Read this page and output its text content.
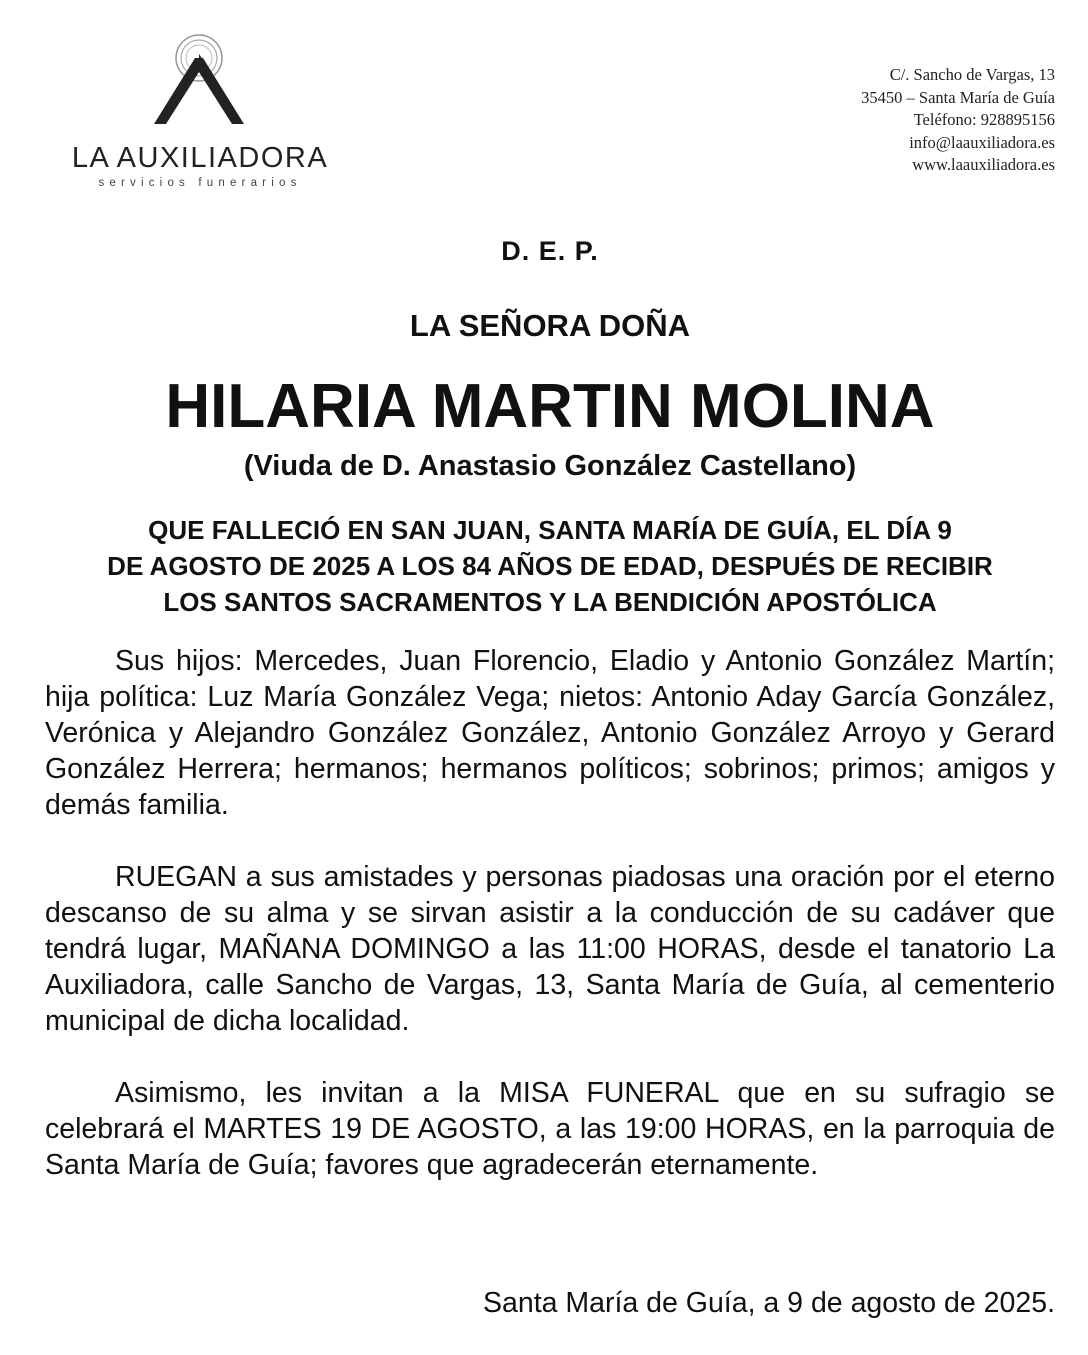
LA AUXILIADORA
servicios funerarios
C/. Sancho de Vargas, 13
35450 – Santa María de Guía
Teléfono: 928895156
info@laauxiliadora.es
www.laauxiliadora.es
D. E. P.
LA SEÑORA DOÑA
HILARIA MARTIN MOLINA
(Viuda de D. Anastasio González Castellano)
QUE FALLECIÓ EN SAN JUAN, SANTA MARÍA DE GUÍA, EL DÍA 9
DE AGOSTO DE 2025 A LOS 84 AÑOS DE EDAD, DESPUÉS DE RECIBIR
LOS SANTOS SACRAMENTOS Y LA BENDICIÓN APOSTÓLICA
Sus hijos: Mercedes, Juan Florencio, Eladio y Antonio González Martín; hija política: Luz María González Vega; nietos: Antonio Aday García González, Verónica y Alejandro González González, Antonio González Arroyo y Gerard González Herrera; hermanos; hermanos políticos; sobrinos; primos; amigos y demás familia.
RUEGAN a sus amistades y personas piadosas una oración por el eterno descanso de su alma y se sirvan asistir a la conducción de su cadáver que tendrá lugar, MAÑANA DOMINGO a las 11:00 HORAS, desde el tanatorio La Auxiliadora, calle Sancho de Vargas, 13, Santa María de Guía, al cementerio municipal de dicha localidad.
Asimismo, les invitan a la MISA FUNERAL que en su sufragio se celebrará el MARTES 19 DE AGOSTO, a las 19:00 HORAS, en la parroquia de Santa María de Guía; favores que agradecerán eternamente.
Santa María de Guía, a 9 de agosto de 2025.
